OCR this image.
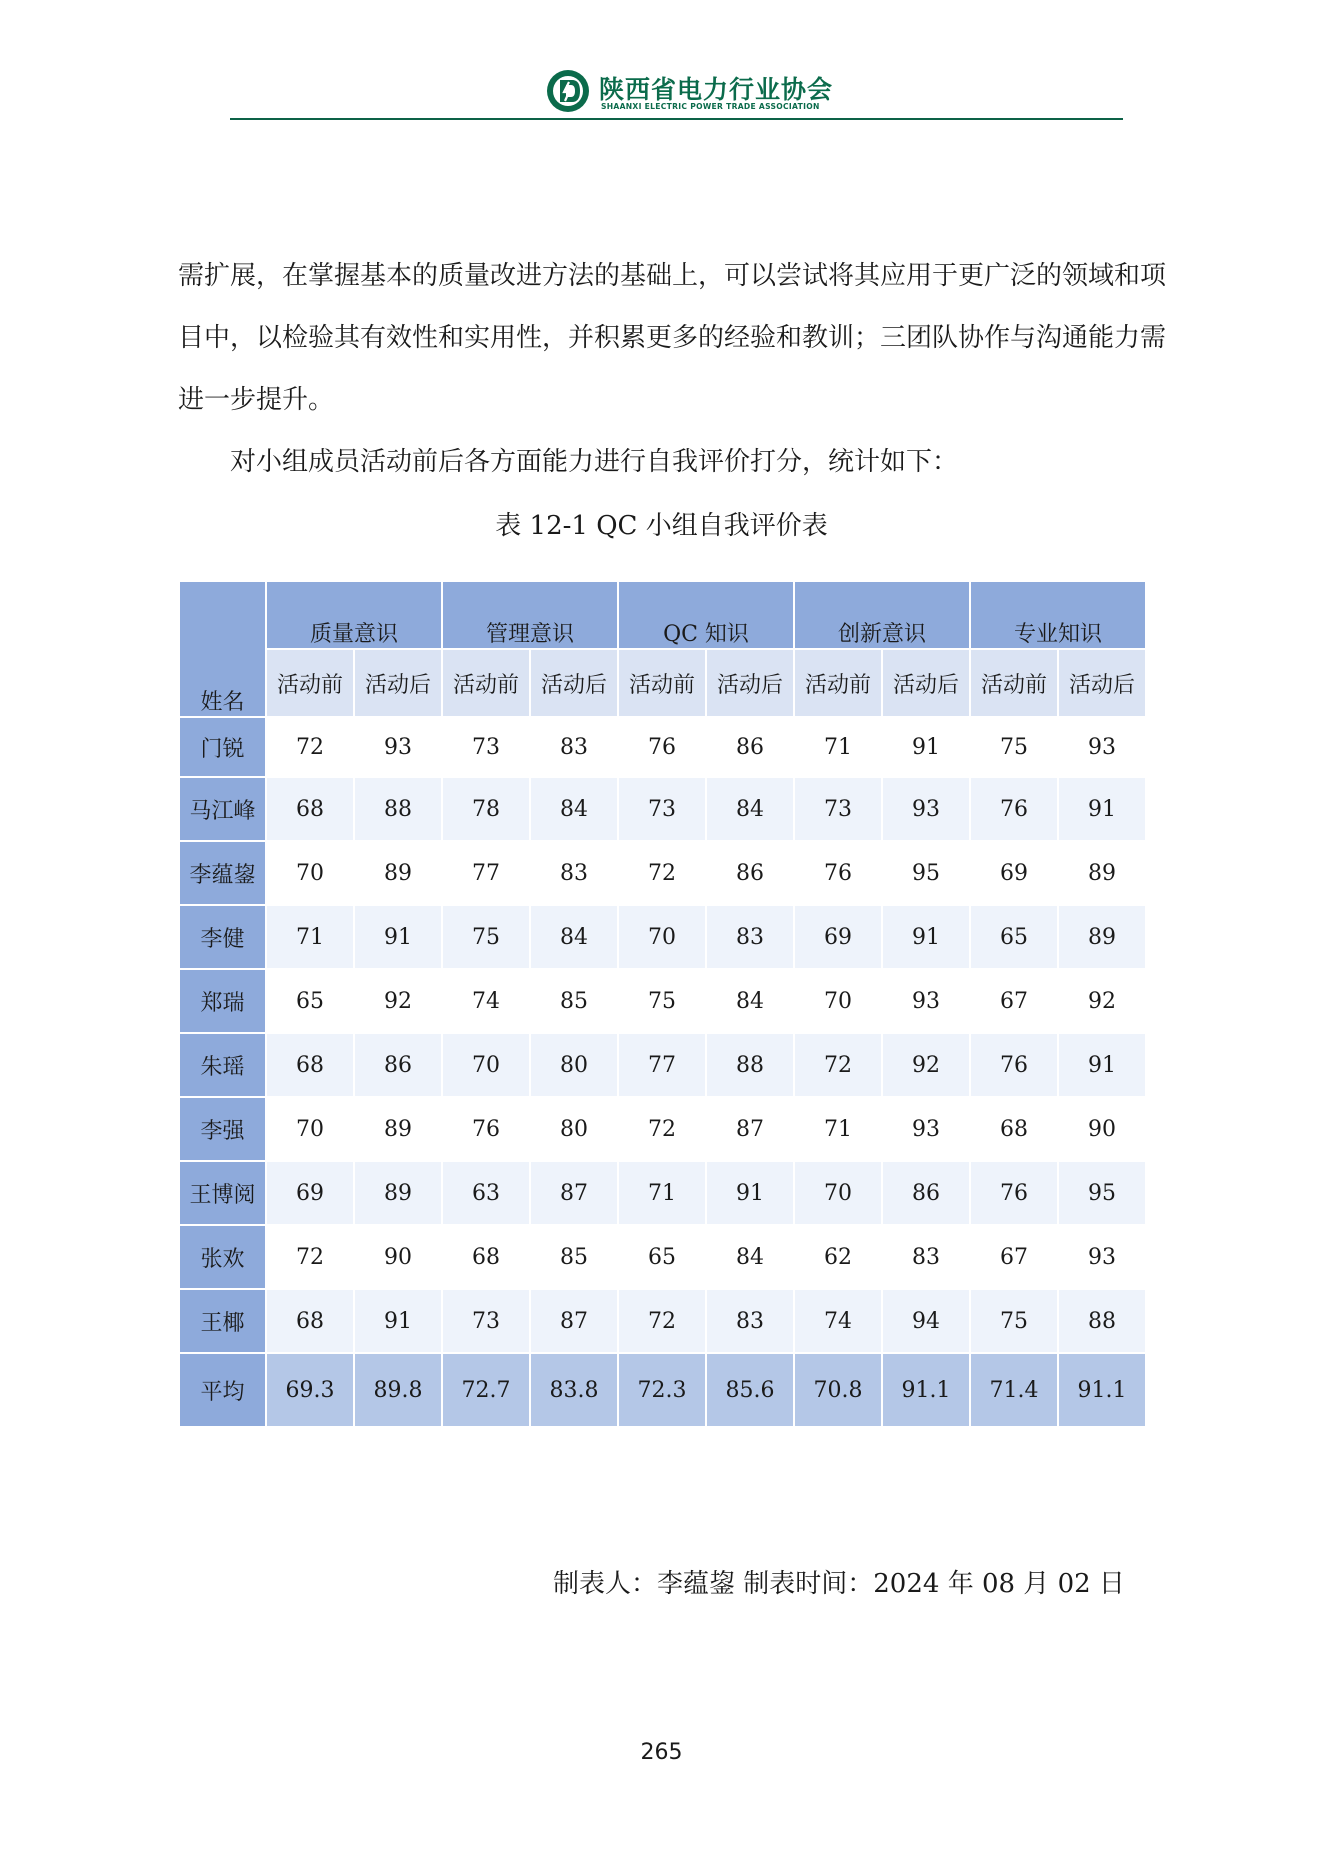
陕西省电力行业协会
SHAANXI ELECTRIC POWER TRADE ASSOCIATION
需扩展，在掌握基本的质量改进方法的基础上，可以尝试将其应用于更广泛的领域和项目中，以检验其有效性和实用性，并积累更多的经验和教训；三团队协作与沟通能力需进一步提升。
对小组成员活动前后各方面能力进行自我评价打分，统计如下：
表 12-1 QC 小组自我评价表
姓名	质量意识		管理意识		QC 知识		创新意识		专业知识	
	活动前	活动后	活动前	活动后	活动前	活动后	活动前	活动后	活动前	活动后
门锐	72	93	73	83	76	86	71	91	75	93
马江峰	68	88	78	84	73	84	73	93	76	91
李蕴鋆	70	89	77	83	72	86	76	95	69	89
李健	71	91	75	84	70	83	69	91	65	89
郑瑞	65	92	74	85	75	84	70	93	67	92
朱瑶	68	86	70	80	77	88	72	92	76	91
李强	70	89	76	80	72	87	71	93	68	90
王博阅	69	89	63	87	71	91	70	86	76	95
张欢	72	90	68	85	65	84	62	83	67	93
王椰	68	91	73	87	72	83	74	94	75	88
平均	69.3	89.8	72.7	83.8	72.3	85.6	70.8	91.1	71.4	91.1
制表人：李蕴鋆 制表时间：2024 年 08 月 02 日
265
